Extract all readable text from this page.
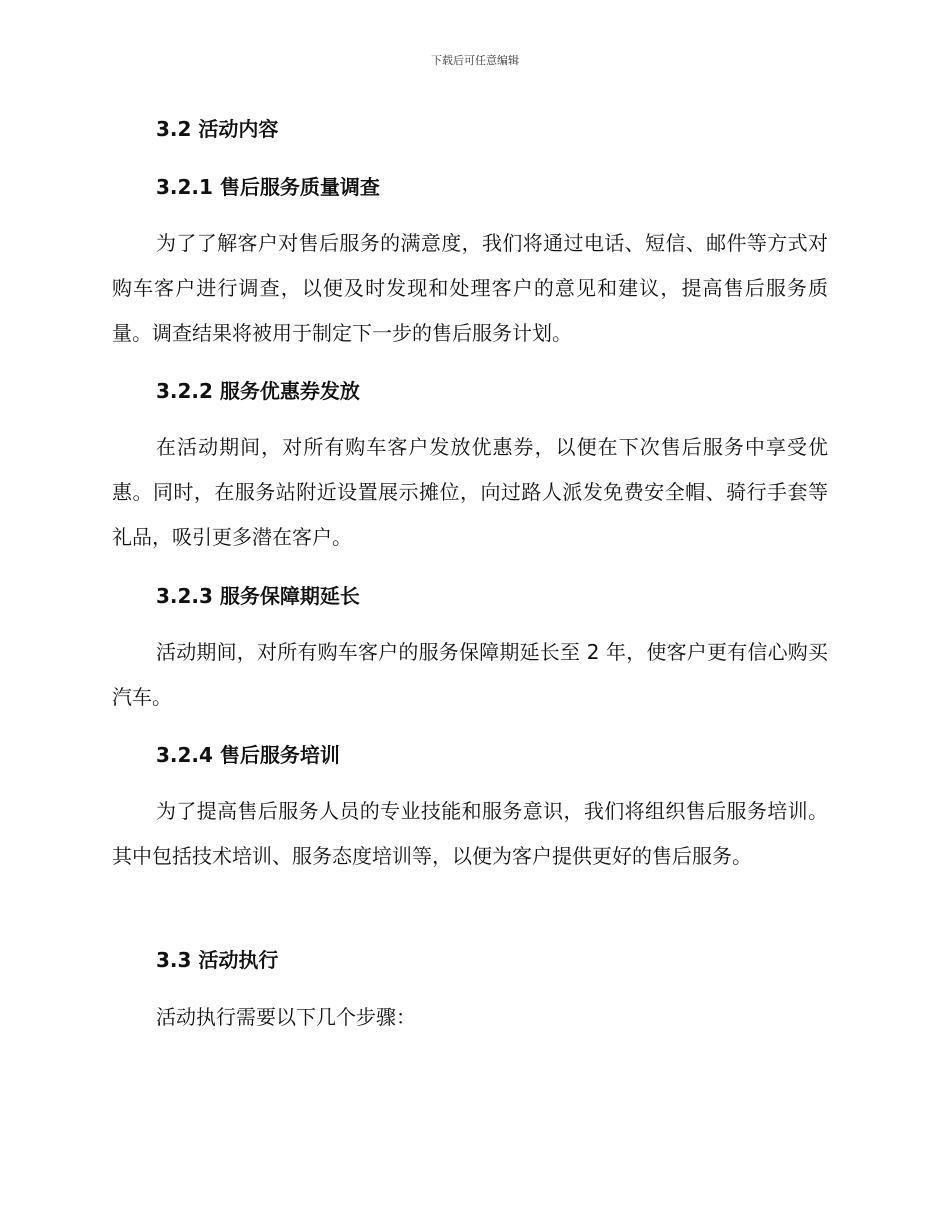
下载后可任意编辑
3.2 活动内容
3.2.1 售后服务质量调查

为了了解客户对售后服务的满意度，我们将通过电话、短信、邮件等方式对购车客户进行调查，以便及时发现和处理客户的意见和建议，提高售后服务质量。调查结果将被用于制定下一步的售后服务计划。

3.2.2 服务优惠券发放

在活动期间，对所有购车客户发放优惠券，以便在下次售后服务中享受优惠。同时，在服务站附近设置展示摊位，向过路人派发免费安全帽、骑行手套等礼品，吸引更多潜在客户。

3.2.3 服务保障期延长

活动期间，对所有购车客户的服务保障期延长至 2 年，使客户更有信心购买汽车。

3.2.4 售后服务培训

为了提高售后服务人员的专业技能和服务意识，我们将组织售后服务培训。其中包括技术培训、服务态度培训等，以便为客户提供更好的售后服务。

3.3 活动执行

活动执行需要以下几个步骤：
